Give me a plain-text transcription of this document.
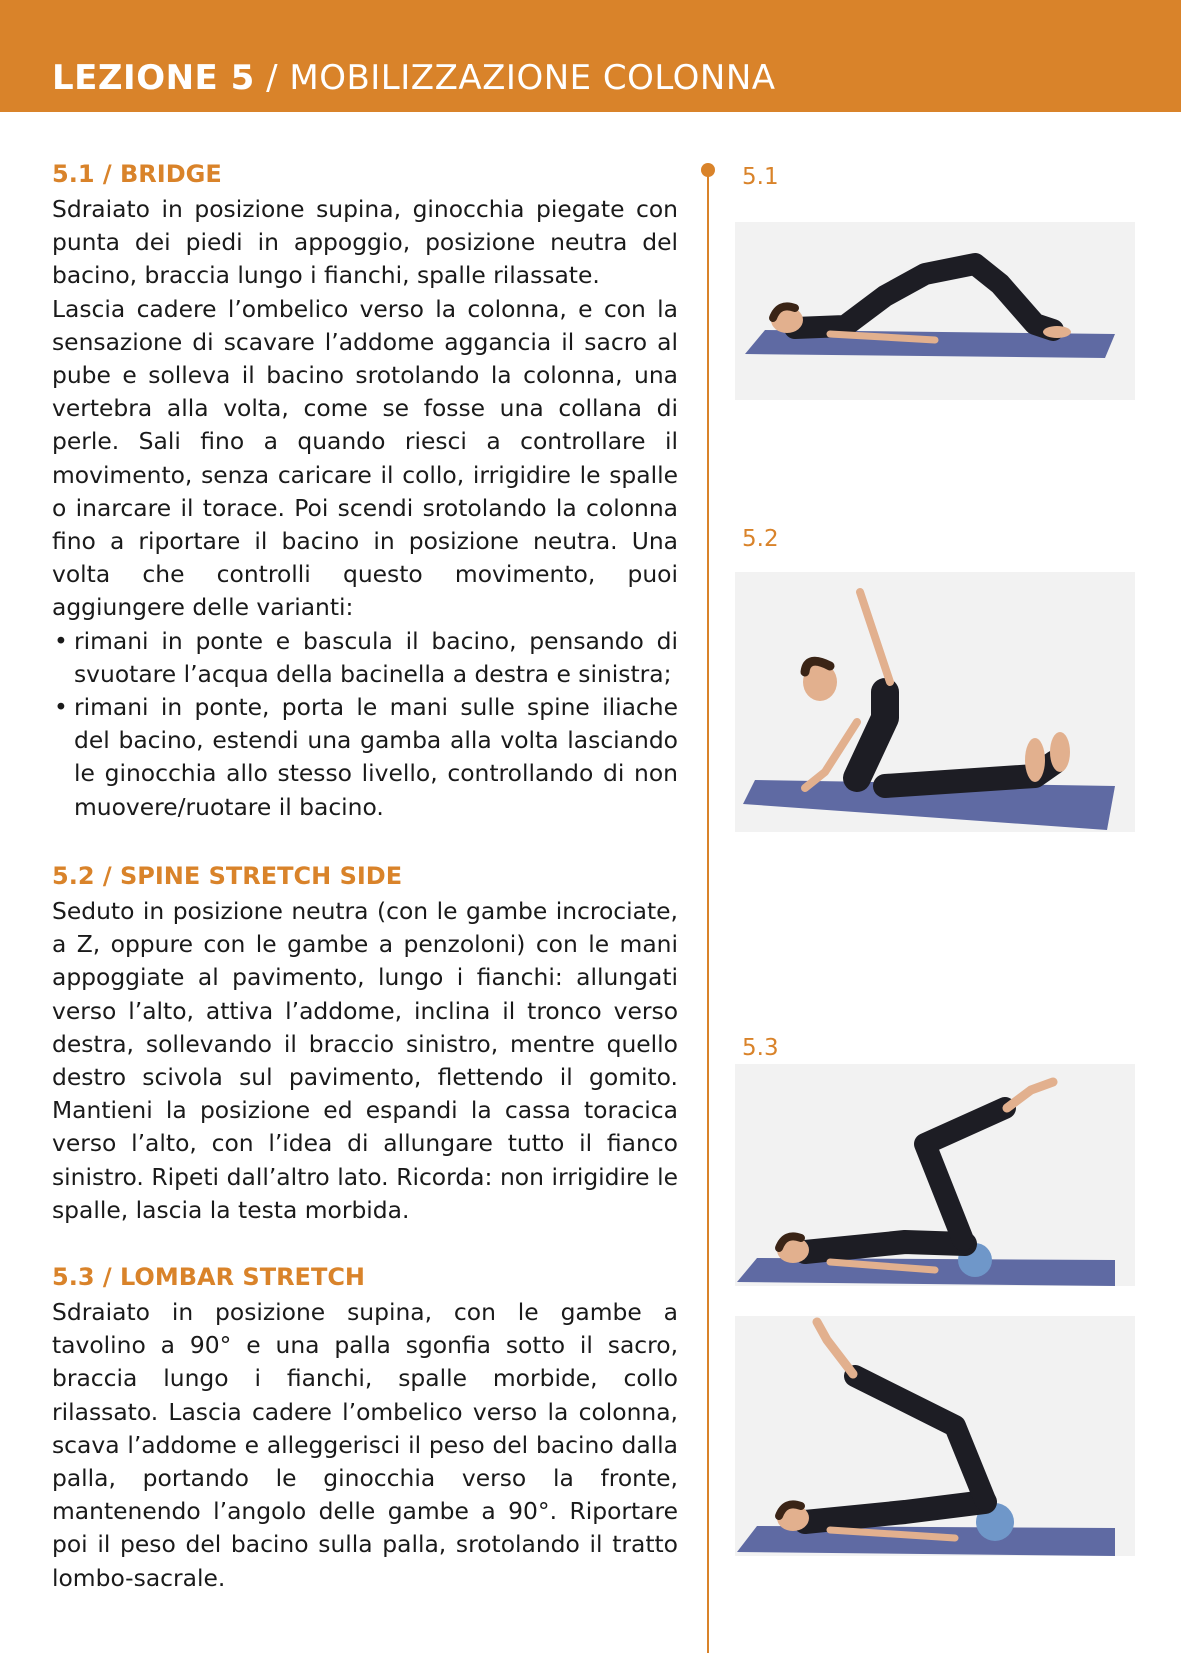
LEZIONE 5 / MOBILIZZAZIONE COLONNA
5.1 / BRIDGE

Sdraiato in posizione supina, ginocchia piegate con punta dei piedi in appoggio, posizione neutra del bacino, braccia lungo i fianchi, spalle rilassate.

Lascia cadere l’ombelico verso la colonna, e con la sensazione di scavare l’addome aggancia il sacro al pube e solleva il bacino srotolando la colonna, una vertebra alla volta, come se fosse una collana di perle. Sali fino a quando riesci a controllare il movimento, senza caricare il collo, irrigidire le spalle o inarcare il torace. Poi scendi srotolando la colonna fino a riportare il bacino in posizione neutra. Una volta che controlli questo movimento, puoi aggiungere delle varianti:

• rimani in ponte e bascula il bacino, pensando di svuotare l’acqua della bacinella a destra e sinistra;
• rimani in ponte, porta le mani sulle spine iliache del bacino, estendi una gamba alla volta lasciando le ginocchia allo stesso livello, controllando di non muovere/ruotare il bacino.
5.2 / SPINE STRETCH SIDE

Seduto in posizione neutra (con le gambe incrociate, a Z, oppure con le gambe a penzoloni) con le mani appoggiate al pavimento, lungo i fianchi: allungati verso l’alto, attiva l’addome, inclina il tronco verso destra, sollevando il braccio sinistro, mentre quello destro scivola sul pavimento, flettendo il gomito. Mantieni la posizione ed espandi la cassa toracica verso l’alto, con l’idea di allungare tutto il fianco sinistro. Ripeti dall’altro lato. Ricorda: non irrigidire le spalle, lascia la testa morbida.

5.3 / LOMBAR STRETCH

Sdraiato in posizione supina, con le gambe a tavolino a 90° e una palla sgonfia sotto il sacro, braccia lungo i fianchi, spalle morbide, collo rilassato. Lascia cadere l’ombelico verso la colonna, scava l’addome e alleggerisci il peso del bacino dalla palla, portando le ginocchia verso la fronte, mantenendo l’angolo delle gambe a 90°. Riportare poi il peso del bacino sulla palla, srotolando il tratto lombo-sacrale.

5.1
5.2
5.3
